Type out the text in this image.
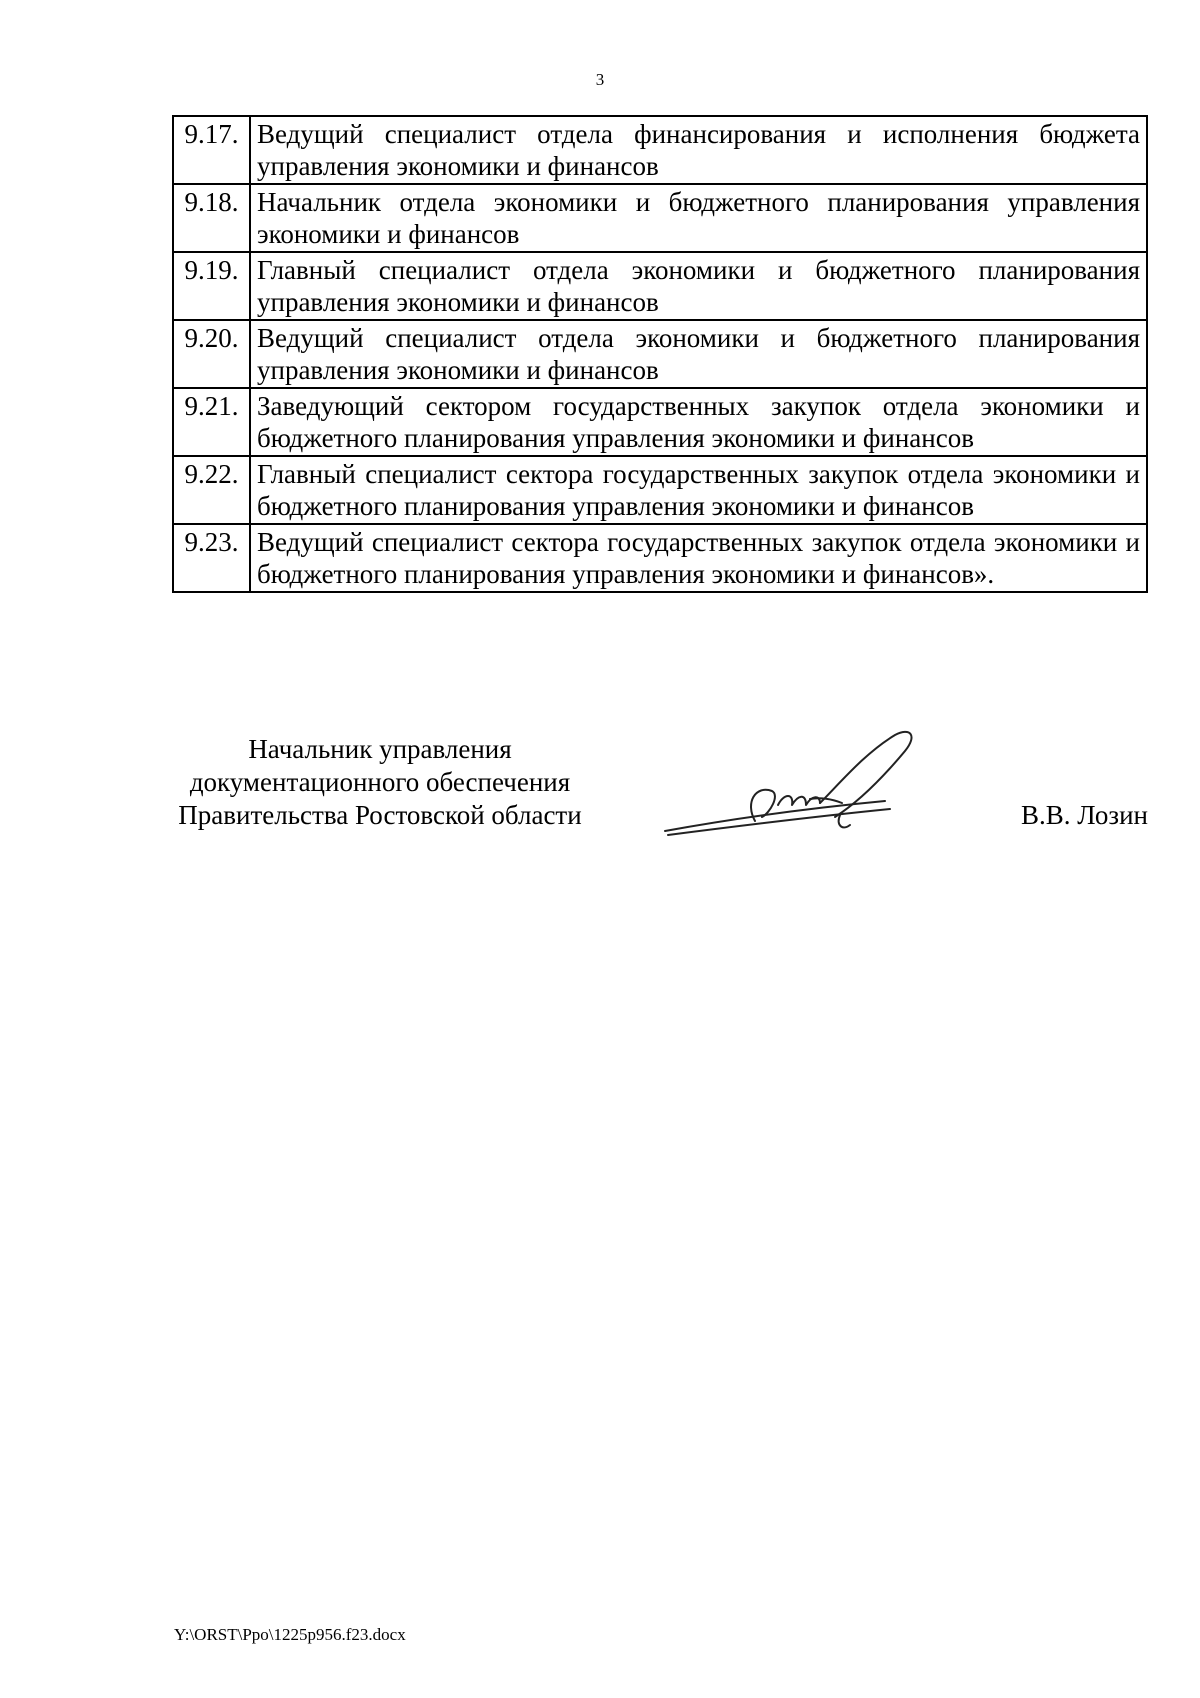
3
9.17.	Ведущий специалист отдела финансирования и исполнения бюджета управления экономики и финансов
9.18.	Начальник отдела экономики и бюджетного планирования управления экономики и финансов
9.19.	Главный специалист отдела экономики и бюджетного планирования управления экономики и финансов
9.20.	Ведущий специалист отдела экономики и бюджетного планирования управления экономики и финансов
9.21.	Заведующий сектором государственных закупок отдела экономики и бюджетного планирования управления экономики и финансов
9.22.	Главный специалист сектора государственных закупок отдела экономики и бюджетного планирования управления экономики и финансов
9.23.	Ведущий специалист сектора государственных закупок отдела экономики и бюджетного планирования управления экономики и финансов».
Начальник управления
документационного обеспечения
Правительства Ростовской области	В.В. Лозин
Y:\ORST\Ppo\1225p956.f23.docx
